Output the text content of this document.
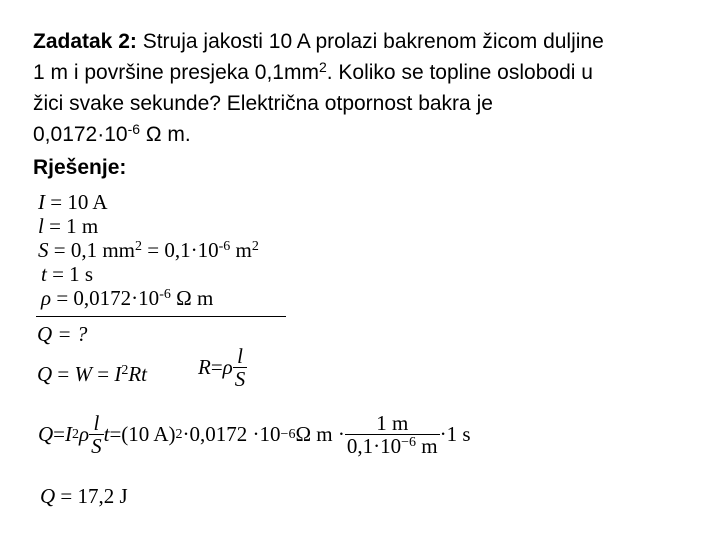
Zadatak 2: Struja jakosti 10 A prolazi bakrenom žicom duljine
1 m i površine presjeka $0,1mm^2$. Koliko se topline oslobodi u
žici svake sekunde? Električna otpornost bakra je
$0,0172\cdot 10^{-6}$ Ω m.
Rješenje:
I = 10 A
l = 1 m
S = 0,1 $mm^2 = 0,1\cdot 10^{-6}$ $m^2$
t = 1 s
$\rho = 0,0172\cdot 10^{-6}$ Ω m
Q = ?
$Q = W = I^2Rt$ R = ρ $\frac{l}{S}$
Q = I 2 ρ $\frac{l}{S}$ t = (10 A) 2 ·0,0172 ·10 −6 Ω $m \cdot \frac{1 m}{0,1\cdot 10^{-6} m} \cdot 1$ s
Q = 17,2 J
